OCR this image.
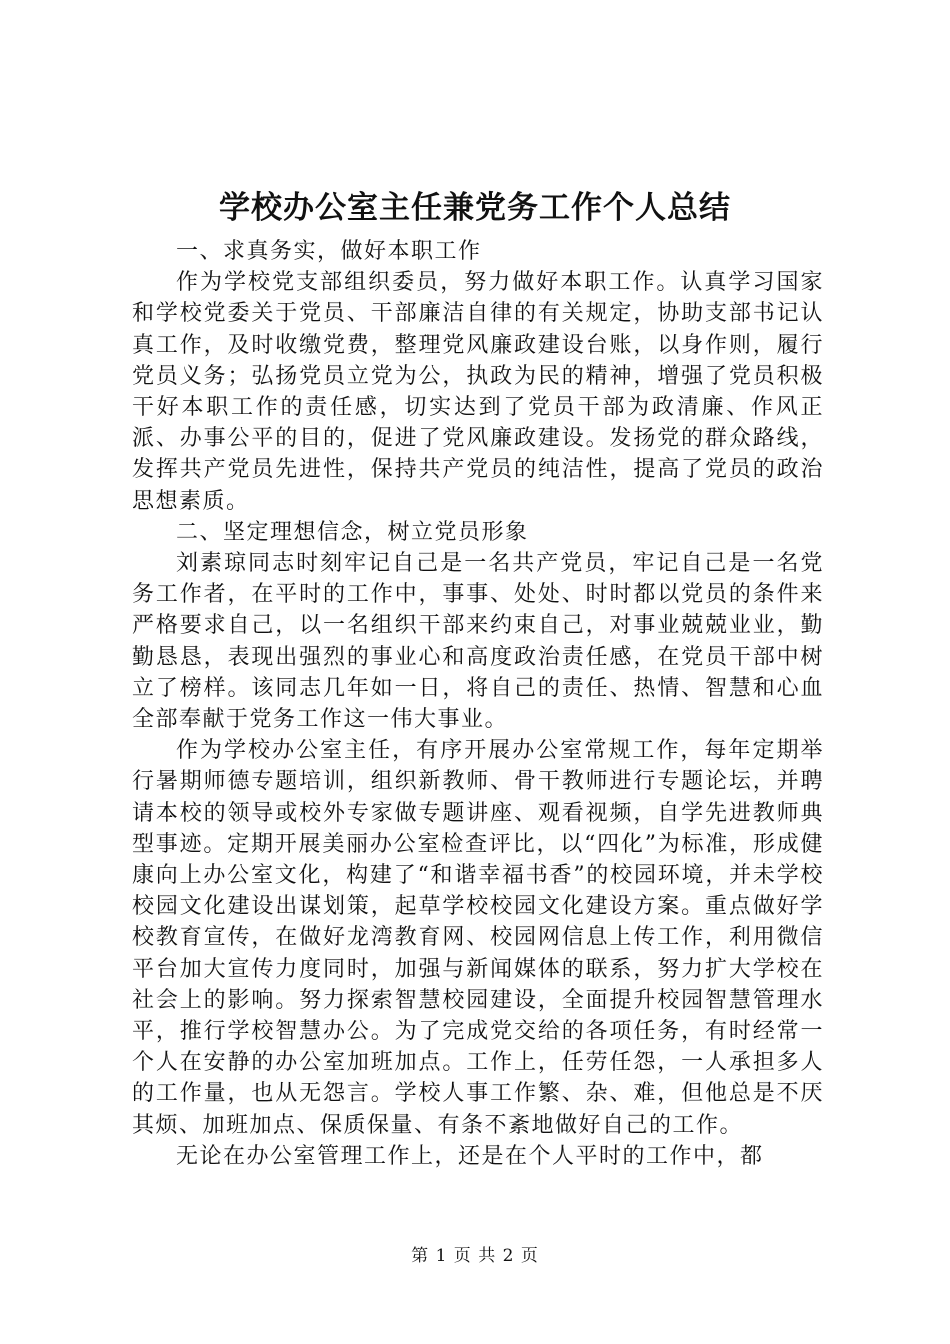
学校办公室主任兼党务工作个人总结

一、求真务实，做好本职工作

作为学校党支部组织委员，努力做好本职工作。认真学习国家和学校党委关于党员、干部廉洁自律的有关规定，协助支部书记认真工作，及时收缴党费，整理党风廉政建设台账，以身作则，履行党员义务；弘扬党员立党为公，执政为民的精神，增强了党员积极干好本职工作的责任感，切实达到了党员干部为政清廉、作风正派、办事公平的目的，促进了党风廉政建设。发扬党的群众路线，发挥共产党员先进性，保持共产党员的纯洁性，提高了党员的政治思想素质。

二、坚定理想信念，树立党员形象

刘素琼同志时刻牢记自己是一名共产党员，牢记自己是一名党务工作者，在平时的工作中，事事、处处、时时都以党员的条件来严格要求自己，以一名组织干部来约束自己，对事业兢兢业业，勤勤恳恳，表现出强烈的事业心和高度政治责任感，在党员干部中树立了榜样。该同志几年如一日，将自己的责任、热情、智慧和心血全部奉献于党务工作这一伟大事业。

作为学校办公室主任，有序开展办公室常规工作，每年定期举行暑期师德专题培训，组织新教师、骨干教师进行专题论坛，并聘请本校的领导或校外专家做专题讲座、观看视频，自学先进教师典型事迹。定期开展美丽办公室检查评比，以“四化”为标准，形成健康向上办公室文化，构建了“和谐幸福书香”的校园环境，并未学校校园文化建设出谋划策，起草学校校园文化建设方案。重点做好学校教育宣传，在做好龙湾教育网、校园网信息上传工作，利用微信平台加大宣传力度同时，加强与新闻媒体的联系，努力扩大学校在社会上的影响。努力探索智慧校园建设，全面提升校园智慧管理水平，推行学校智慧办公。为了完成党交给的各项任务，有时经常一个人在安静的办公室加班加点。工作上，任劳任怨，一人承担多人的工作量，也从无怨言。学校人事工作繁、杂、难，但他总是不厌其烦、加班加点、保质保量、有条不紊地做好自己的工作。

无论在办公室管理工作上，还是在个人平时的工作中，都

第 1 页 共 2 页
